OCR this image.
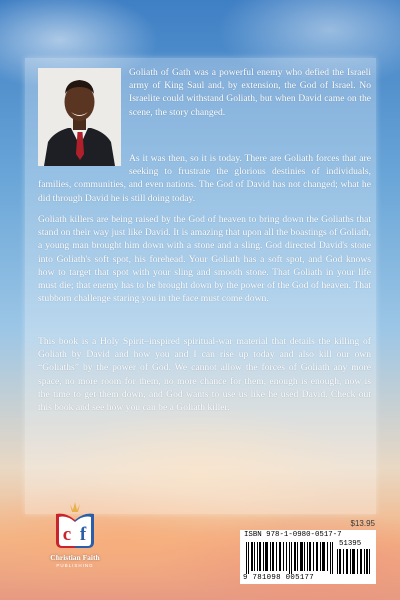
Goliath of Gath was a powerful enemy who defied the Israeli army of King Saul and, by extension, the God of Israel. No Israelite could withstand Goliath, but when David came on the scene, the story changed.

As it was then, so it is today. There are Goliath forces that are seeking to frustrate the glorious destinies of individuals, families, communities, and even nations. The God of David has not changed; what he did through David he is still doing today.

Goliath killers are being raised by the God of heaven to bring down the Goliaths that stand on their way just like David. It is amazing that upon all the boastings of Goliath, a young man brought him down with a stone and a sling. God directed David's stone into Goliath's soft spot, his forehead. Your Goliath has a soft spot, and God knows how to target that spot with your sling and smooth stone. That Goliath in your life must die; that enemy has to be brought down by the power of the God of heaven. That stubborn challenge staring you in the face must come down.

This book is a Holy Spirit–inspired spiritual-war material that details the killing of Goliath by David and how you and I can rise up today and also kill our own “Goliaths” by the power of God. We cannot allow the forces of Goliath any more space, no more room for them, no more chance for them, enough is enough, now is the time to get them down, and God wants to use us like he used David. Check out this book and see how you can be a Goliath killer.

$13.95
ISBN 978-1-0980-0517-7
51395
9 781098 005177
c f
Christian Faith
PUBLISHING
